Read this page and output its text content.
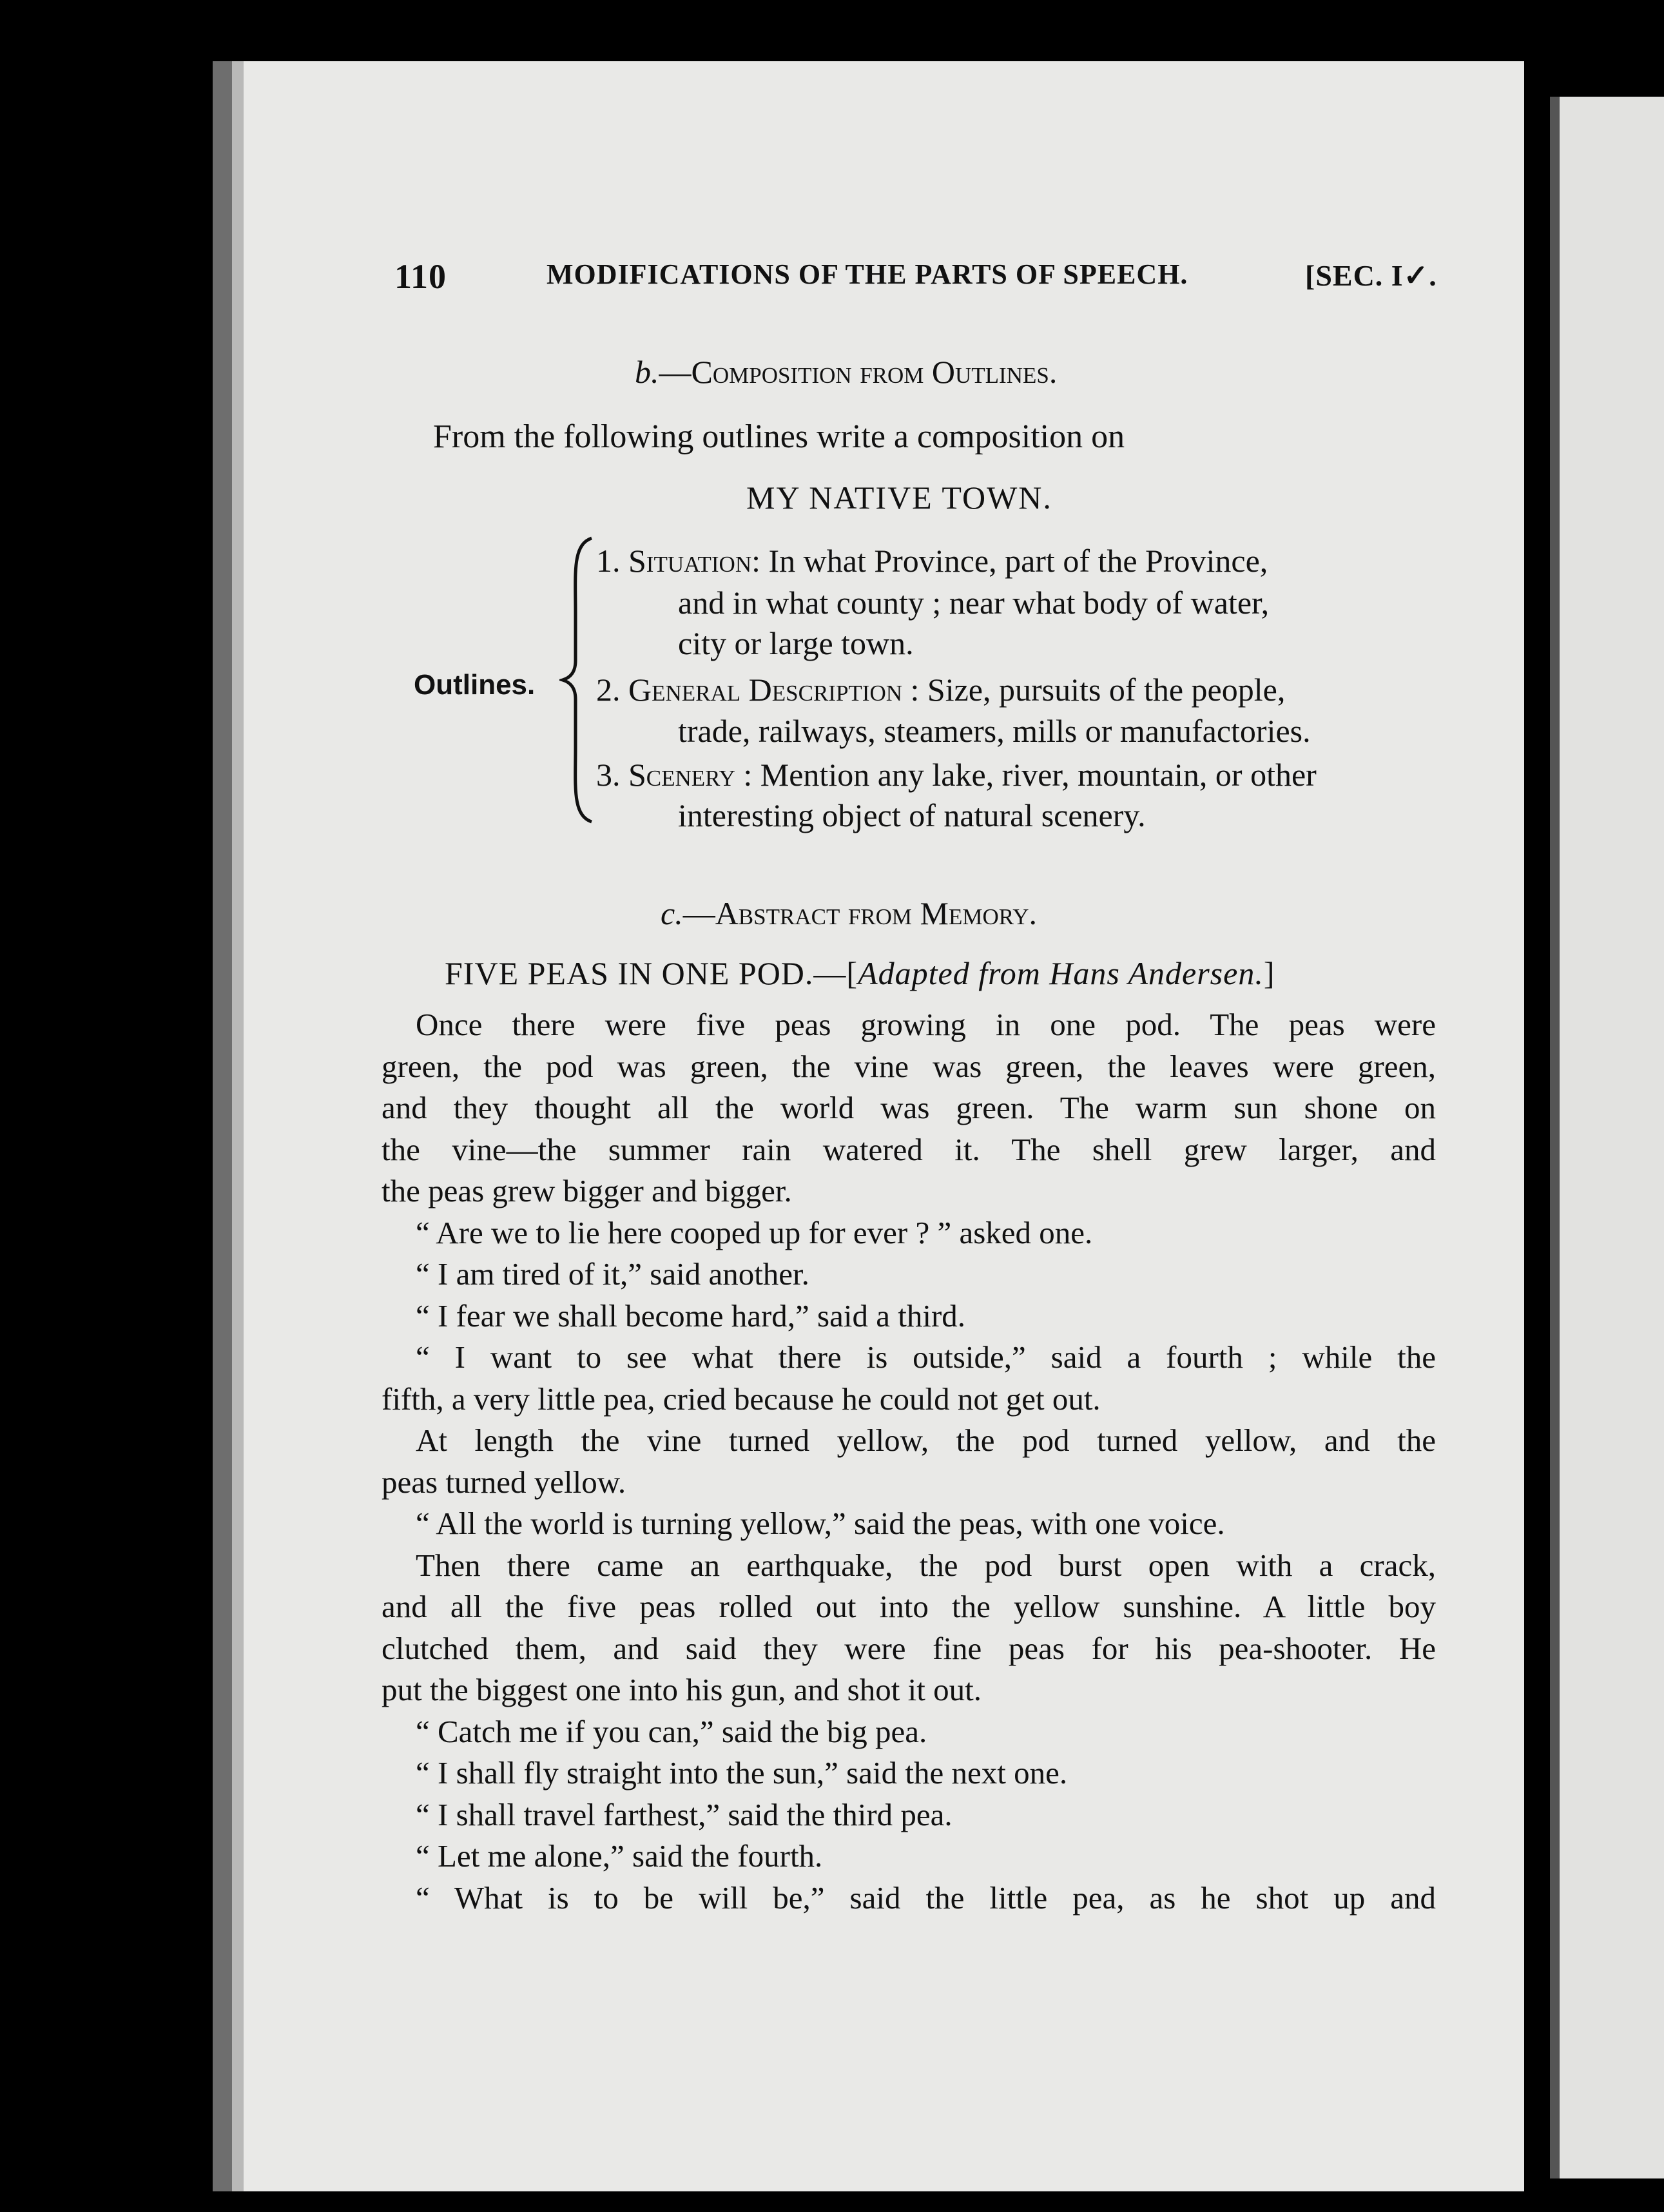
110	MODIFICATIONS OF THE PARTS OF SPEECH.	[SEC. I✓.
b.—Composition from Outlines.
From the following outlines write a composition on
MY NATIVE TOWN.
Outlines.
1. Situation: In what Province, part of the Province,
and in what county ; near what body of water,
city or large town.
2. General Description : Size, pursuits of the people,
trade, railways, steamers, mills or manufactories.
3. Scenery : Mention any lake, river, mountain, or other
interesting object of natural scenery.
c.—Abstract from Memory.
FIVE PEAS IN ONE POD.—[Adapted from Hans Andersen.]
Once there were five peas growing in one pod. The peas were
green, the pod was green, the vine was green, the leaves were green,
and they thought all the world was green. The warm sun shone on
the vine—the summer rain watered it. The shell grew larger, and
the peas grew bigger and bigger.
“ Are we to lie here cooped up for ever ? ” asked one.
“ I am tired of it,” said another.
“ I fear we shall become hard,” said a third.
“ I want to see what there is outside,” said a fourth ; while the
fifth, a very little pea, cried because he could not get out.
At length the vine turned yellow, the pod turned yellow, and the
peas turned yellow.
“ All the world is turning yellow,” said the peas, with one voice.
Then there came an earthquake, the pod burst open with a crack,
and all the five peas rolled out into the yellow sunshine. A little boy
clutched them, and said they were fine peas for his pea-shooter. He
put the biggest one into his gun, and shot it out.
“ Catch me if you can,” said the big pea.
“ I shall fly straight into the sun,” said the next one.
“ I shall travel farthest,” said the third pea.
“ Let me alone,” said the fourth.
“ What is to be will be,” said the little pea, as he shot up and
